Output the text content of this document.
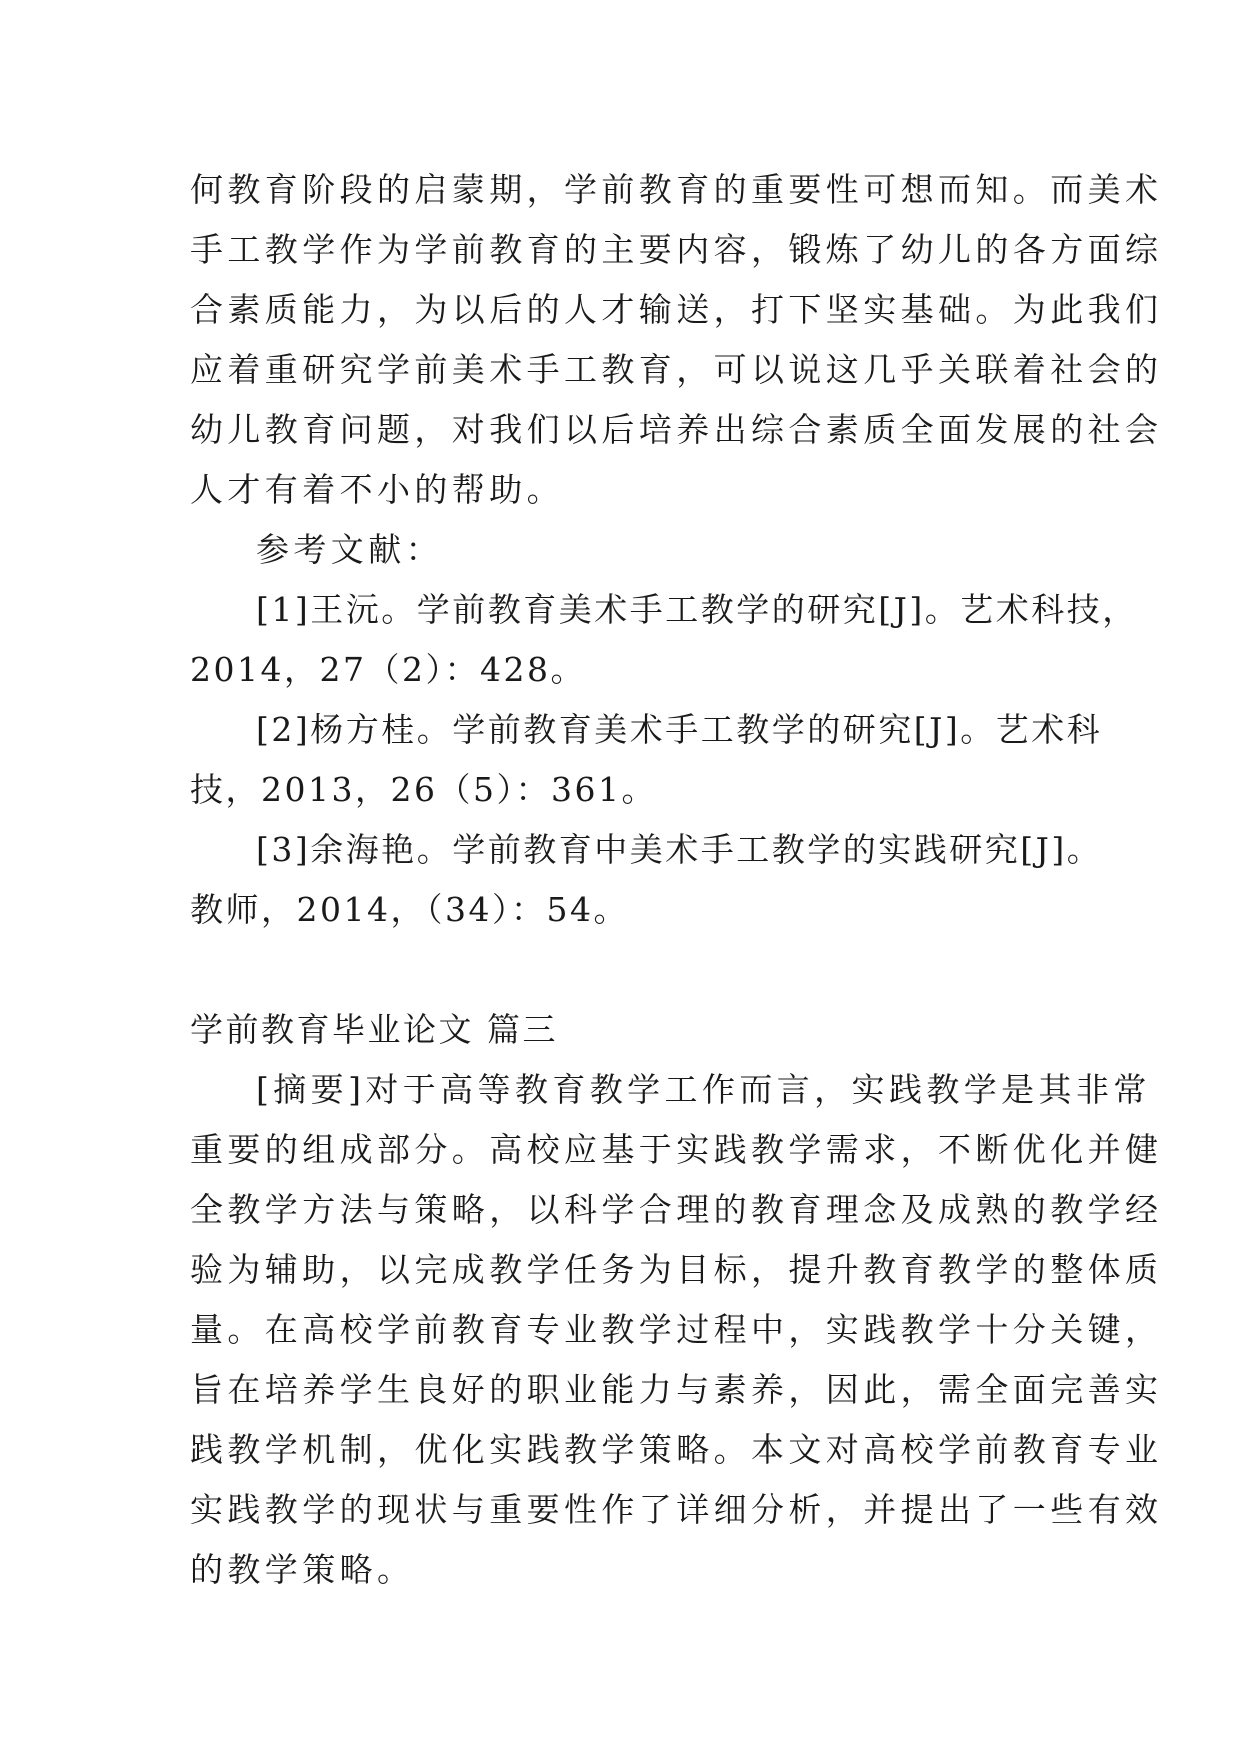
何教育阶段的启蒙期，学前教育的重要性可想而知。而美术
手工教学作为学前教育的主要内容，锻炼了幼儿的各方面综
合素质能力，为以后的人才输送，打下坚实基础。为此我们
应着重研究学前美术手工教育，可以说这几乎关联着社会的
幼儿教育问题，对我们以后培养出综合素质全面发展的社会
人才有着不小的帮助。
参考文献：
[1]王沅。学前教育美术手工教学的研究[J]。艺术科技，
2014，27（2）：428。
[2]杨方桂。学前教育美术手工教学的研究[J]。艺术科
技，2013，26（5）：361。
[3]余海艳。学前教育中美术手工教学的实践研究[J]。
教师，2014，（34）：54。
学前教育毕业论文 篇三
[摘要]对于高等教育教学工作而言，实践教学是其非常
重要的组成部分。高校应基于实践教学需求，不断优化并健
全教学方法与策略，以科学合理的教育理念及成熟的教学经
验为辅助，以完成教学任务为目标，提升教育教学的整体质
量。在高校学前教育专业教学过程中，实践教学十分关键，
旨在培养学生良好的职业能力与素养，因此，需全面完善实
践教学机制，优化实践教学策略。本文对高校学前教育专业
实践教学的现状与重要性作了详细分析，并提出了一些有效
的教学策略。
